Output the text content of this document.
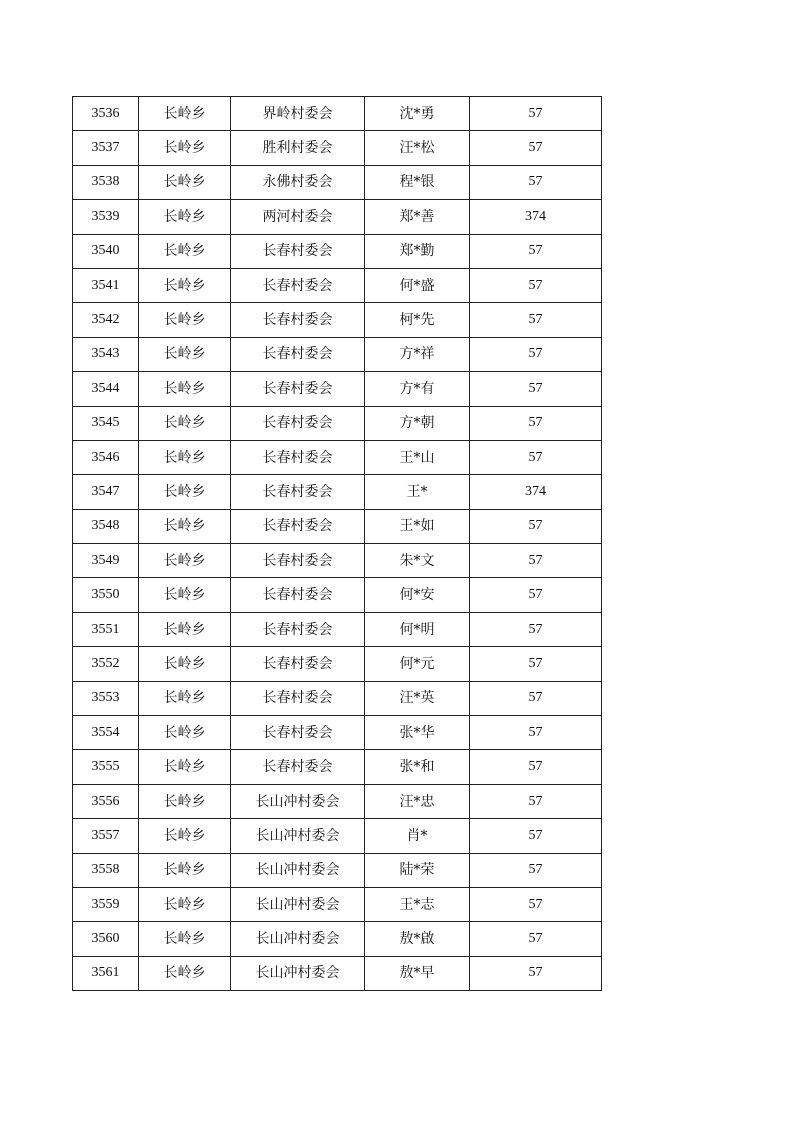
3536	长岭乡	界岭村委会	沈*勇	57
3537	长岭乡	胜利村委会	汪*松	57
3538	长岭乡	永佛村委会	程*银	57
3539	长岭乡	两河村委会	郑*善	374
3540	长岭乡	长春村委会	郑*勤	57
3541	长岭乡	长春村委会	何*盛	57
3542	长岭乡	长春村委会	柯*先	57
3543	长岭乡	长春村委会	方*祥	57
3544	长岭乡	长春村委会	方*有	57
3545	长岭乡	长春村委会	方*朝	57
3546	长岭乡	长春村委会	王*山	57
3547	长岭乡	长春村委会	王*	374
3548	长岭乡	长春村委会	王*如	57
3549	长岭乡	长春村委会	朱*文	57
3550	长岭乡	长春村委会	何*安	57
3551	长岭乡	长春村委会	何*明	57
3552	长岭乡	长春村委会	何*元	57
3553	长岭乡	长春村委会	汪*英	57
3554	长岭乡	长春村委会	张*华	57
3555	长岭乡	长春村委会	张*和	57
3556	长岭乡	长山冲村委会	汪*忠	57
3557	长岭乡	长山冲村委会	肖*	57
3558	长岭乡	长山冲村委会	陆*荣	57
3559	长岭乡	长山冲村委会	王*志	57
3560	长岭乡	长山冲村委会	敖*啟	57
3561	长岭乡	长山冲村委会	敖*早	57
